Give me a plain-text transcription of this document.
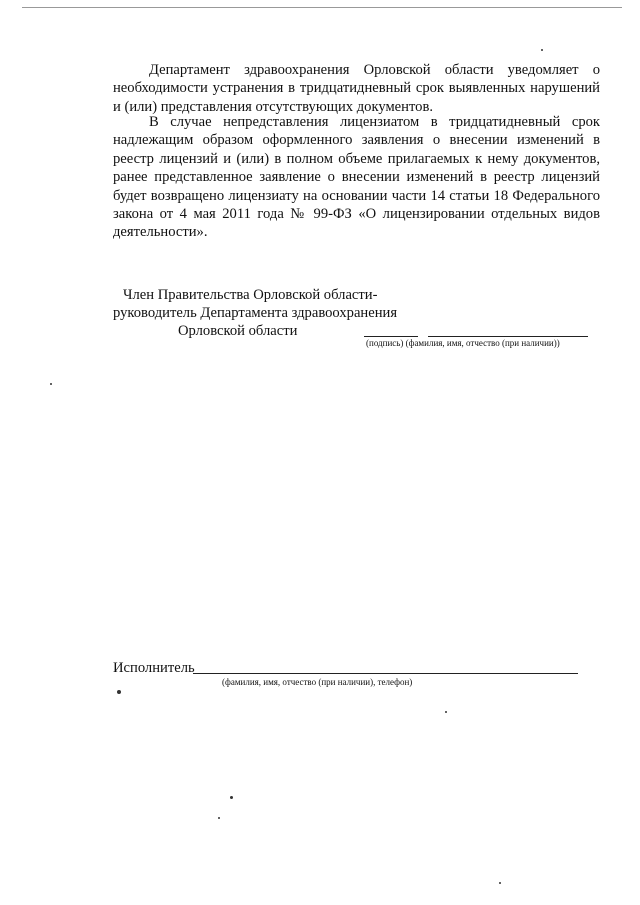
Департамент здравоохранения Орловской области уведомляет о необходимости устранения в тридцатидневный срок выявленных нарушений и (или) представления отсутствующих документов.

В случае непредставления лицензиатом в тридцатидневный срок надлежащим образом оформленного заявления о внесении изменений в реестр лицензий и (или) в полном объеме прилагаемых к нему документов, ранее представленное заявление о внесении изменений в реестр лицензий будет возвращено лицензиату на основании части 14 статьи 18 Федерального закона от 4 мая 2011 года № 99-ФЗ «О лицензировании отдельных видов деятельности».

Член Правительства Орловской области-
руководитель Департамента здравоохранения
Орловской области
(подпись) (фамилия, имя, отчество (при наличии))
Исполнитель
(фамилия, имя, отчество (при наличии), телефон)
